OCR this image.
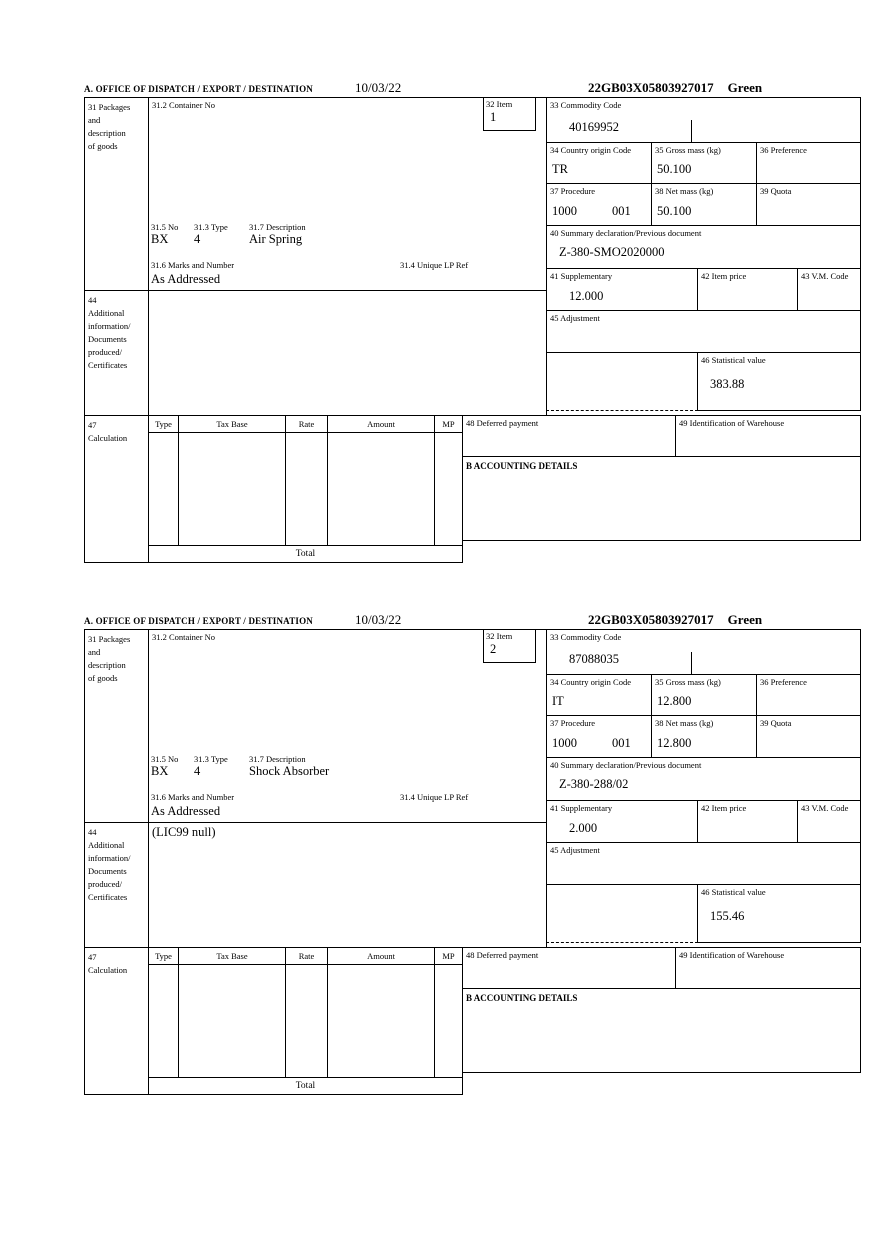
A. OFFICE OF DISPATCH / EXPORT / DESTINATION	10/03/22	22GB03X05803927017 Green
31 Packages
and
description
of goods
44
Additional
information/
Documents
produced/
Certificates
47
Calculation
31.2 Container No
31.5 No 31.3 Type	31.7 Description
BX 4	Air Spring
31.6 Marks and Number	31.4 Unique LP Ref
As Addressed
32 Item
1
33 Commodity Code
40169952
34 Country origin Code
TR
35 Gross mass (kg)
50.100
36 Preference
37 Procedure
1000	001
38 Net mass (kg)
50.100
39 Quota
40 Summary declaration/Previous document
Z-380-SMO2020000
41 Supplementary
12.000
42 Item price	43 V.M. Code
45 Adjustment
46 Statistical value
383.88
Type	Tax Base	Rate	Amount	MP
Total
48 Deferred payment	49 Identification of Warehouse
B ACCOUNTING DETAILS
A. OFFICE OF DISPATCH / EXPORT / DESTINATION	10/03/22	22GB03X05803927017 Green
31 Packages
and
description
of goods
44
Additional
information/
Documents
produced/
Certificates
47
Calculation
31.2 Container No
31.5 No 31.3 Type	31.7 Description
BX 4	Shock Absorber
31.6 Marks and Number	31.4 Unique LP Ref
As Addressed
32 Item
2
(LIC99 null)
33 Commodity Code
87088035
34 Country origin Code
IT
35 Gross mass (kg)
12.800
36 Preference
37 Procedure
1000	001
38 Net mass (kg)
12.800
39 Quota
40 Summary declaration/Previous document
Z-380-288/02
41 Supplementary
2.000
42 Item price	43 V.M. Code
45 Adjustment
46 Statistical value
155.46
Type	Tax Base	Rate	Amount	MP
Total
48 Deferred payment	49 Identification of Warehouse
B ACCOUNTING DETAILS
